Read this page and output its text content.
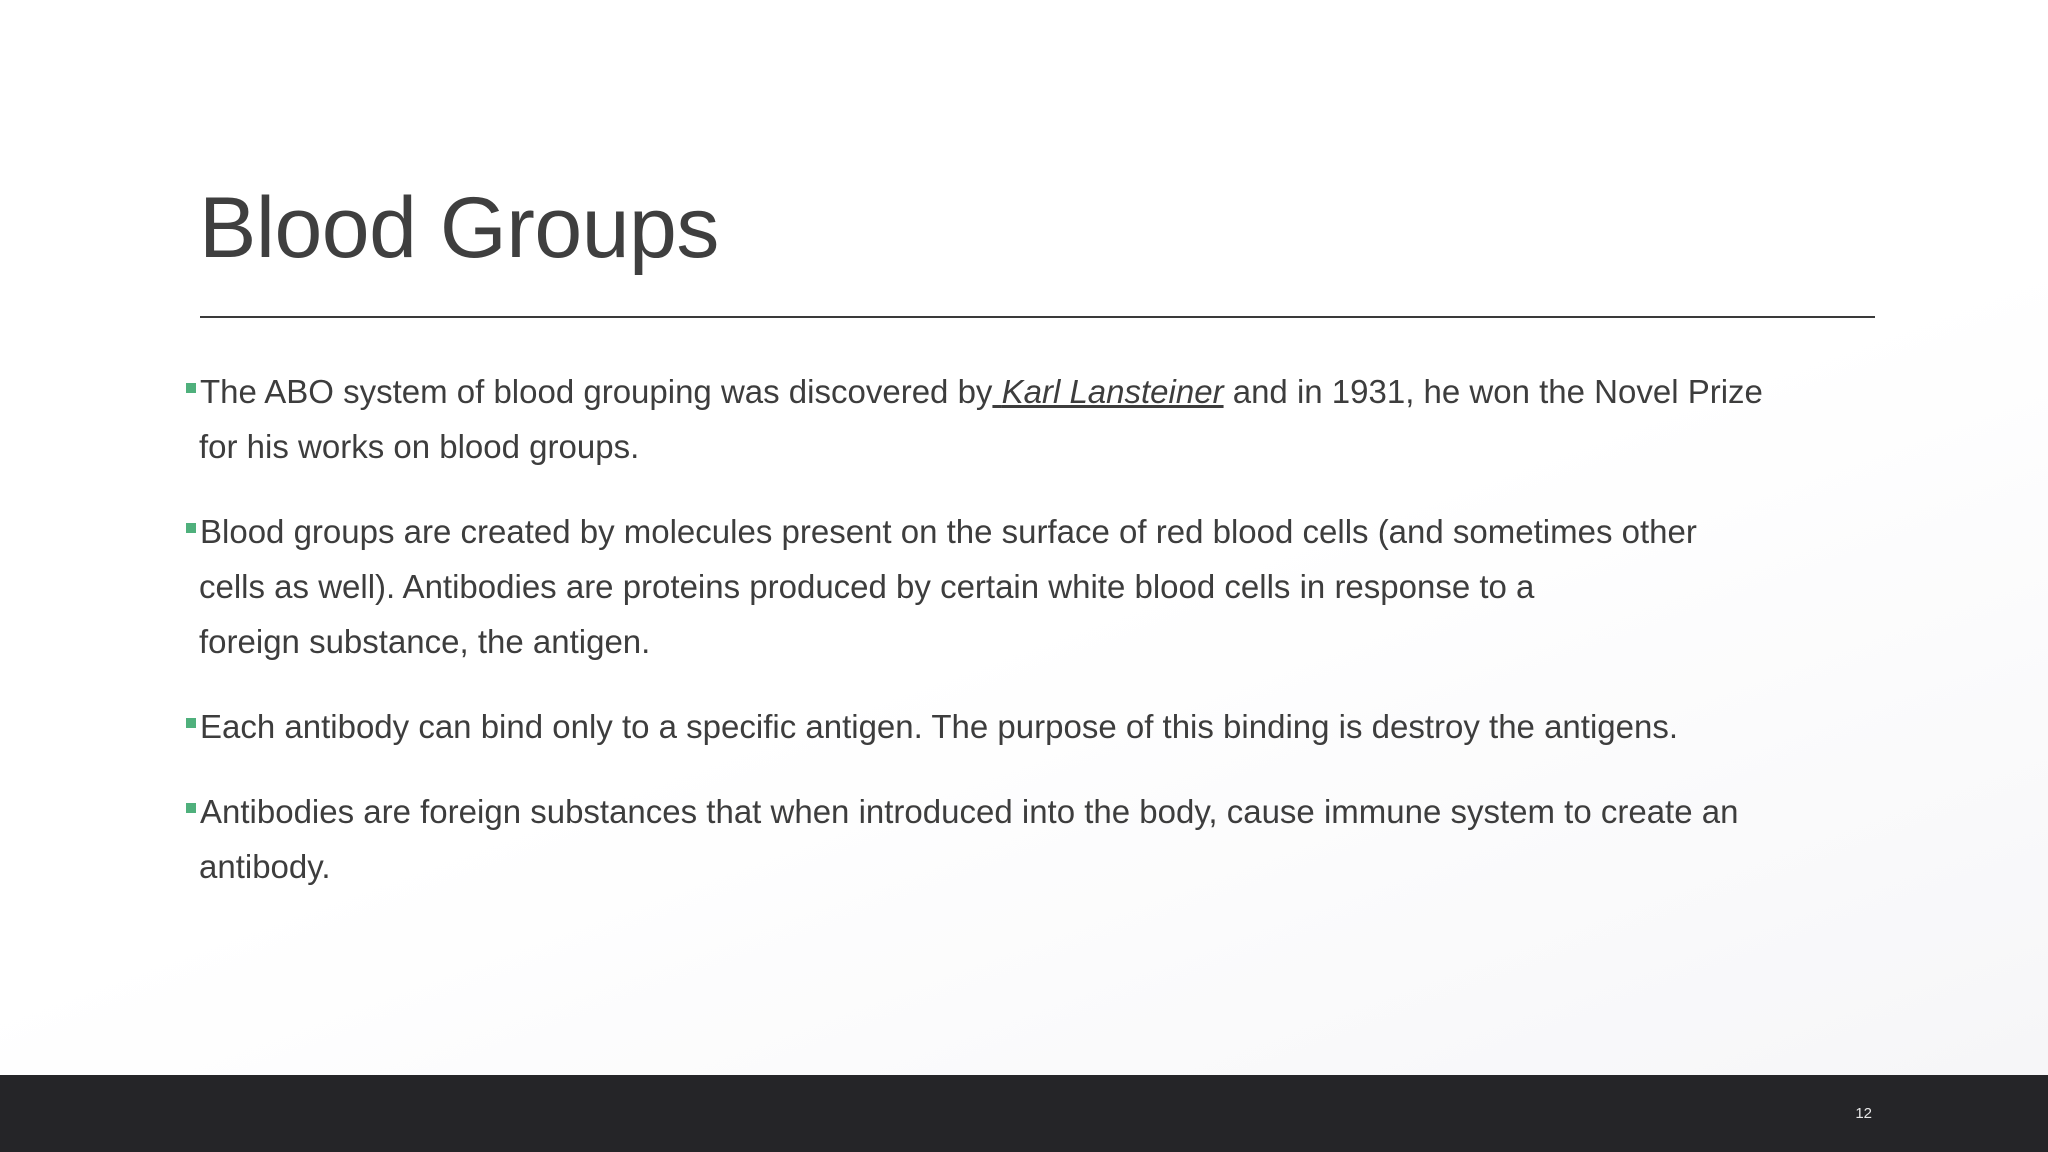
Blood Groups
The ABO system of blood grouping was discovered by Karl Lansteiner and in 1931, he won the Novel Prize
for his works on blood groups.
Blood groups are created by molecules present on the surface of red blood cells (and sometimes other
cells as well). Antibodies are proteins produced by certain white blood cells in response to a
foreign substance, the antigen.
Each antibody can bind only to a specific antigen. The purpose of this binding is destroy the antigens.
Antibodies are foreign substances that when introduced into the body, cause immune system to create an
antibody.
12
